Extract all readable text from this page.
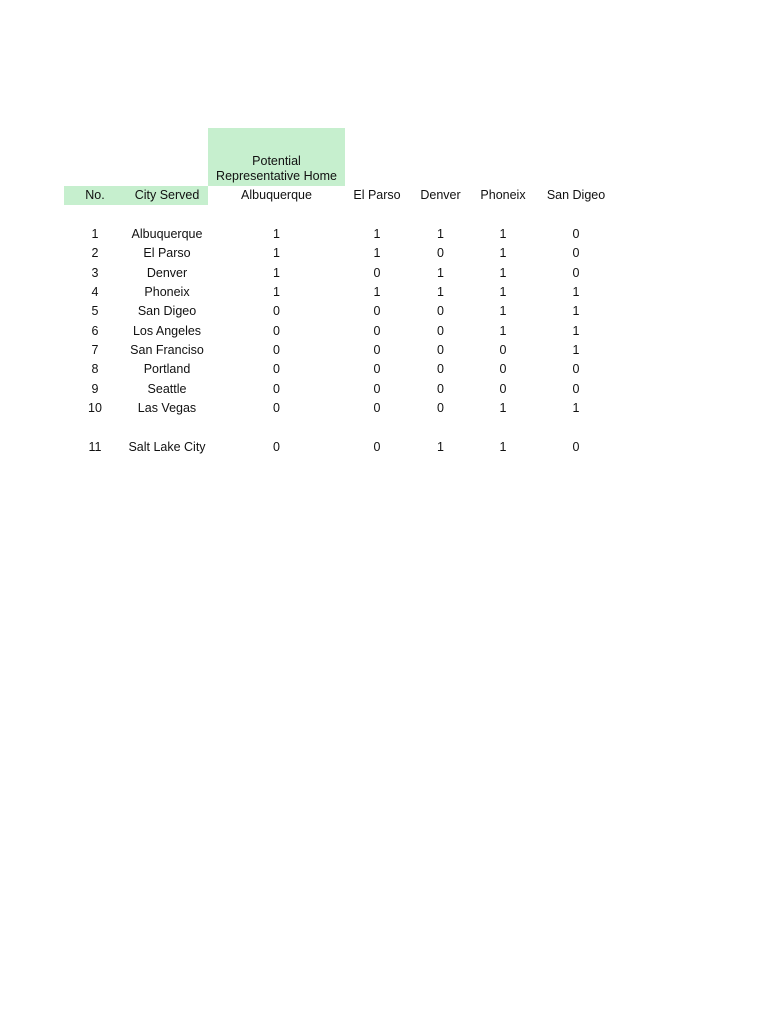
Potential
Representative Home
No.	City Served	Albuquerque	El Parso	Denver	Phoneix	San Digeo
1	Albuquerque	1	1	1	1	0
2	El Parso	1	1	0	1	0
3	Denver	1	0	1	1	0
4	Phoneix	1	1	1	1	1
5	San Digeo	0	0	0	1	1
6	Los Angeles	0	0	0	1	1
7	San Franciso	0	0	0	0	1
8	Portland	0	0	0	0	0
9	Seattle	0	0	0	0	0
10	Las Vegas	0	0	0	1	1
11	Salt Lake City	0	0	1	1	0
